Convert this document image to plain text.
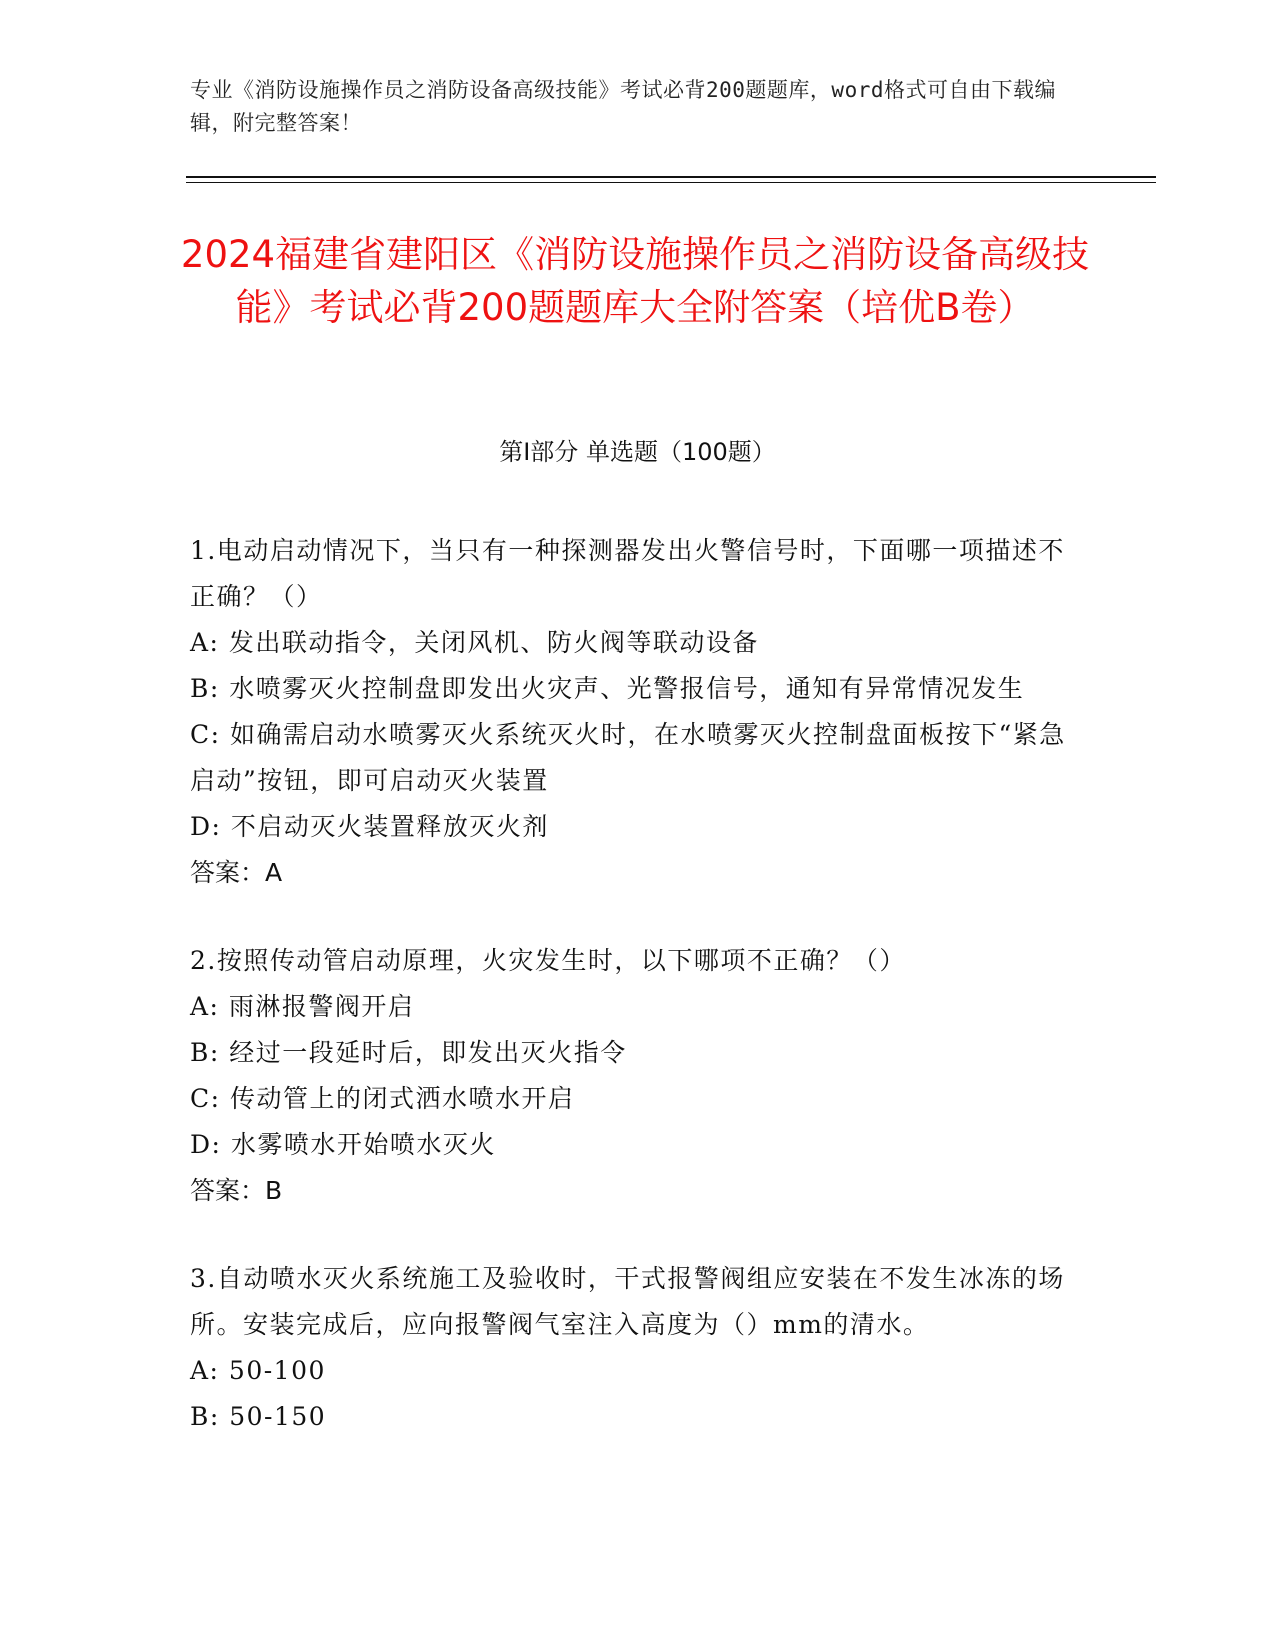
专业《消防设施操作员之消防设备高级技能》考试必背200题题库，word格式可自由下载编辑，附完整答案！
2024福建省建阳区《消防设施操作员之消防设备高级技能》考试必背200题题库大全附答案（培优B卷）
第I部分 单选题（100题）
1.电动启动情况下，当只有一种探测器发出火警信号时，下面哪一项描述不正确？（）
A: 发出联动指令，关闭风机、防火阀等联动设备
B: 水喷雾灭火控制盘即发出火灾声、光警报信号，通知有异常情况发生
C: 如确需启动水喷雾灭火系统灭火时，在水喷雾灭火控制盘面板按下“紧急启动”按钮，即可启动灭火装置
D: 不启动灭火装置释放灭火剂
答案：A
2.按照传动管启动原理，火灾发生时，以下哪项不正确？（）
A: 雨淋报警阀开启
B: 经过一段延时后，即发出灭火指令
C: 传动管上的闭式洒水喷水开启
D: 水雾喷水开始喷水灭火
答案：B
3.自动喷水灭火系统施工及验收时，干式报警阀组应安装在不发生冰冻的场所。安装完成后，应向报警阀气室注入高度为（）mm的清水。
A: 50-100
B: 50-150
